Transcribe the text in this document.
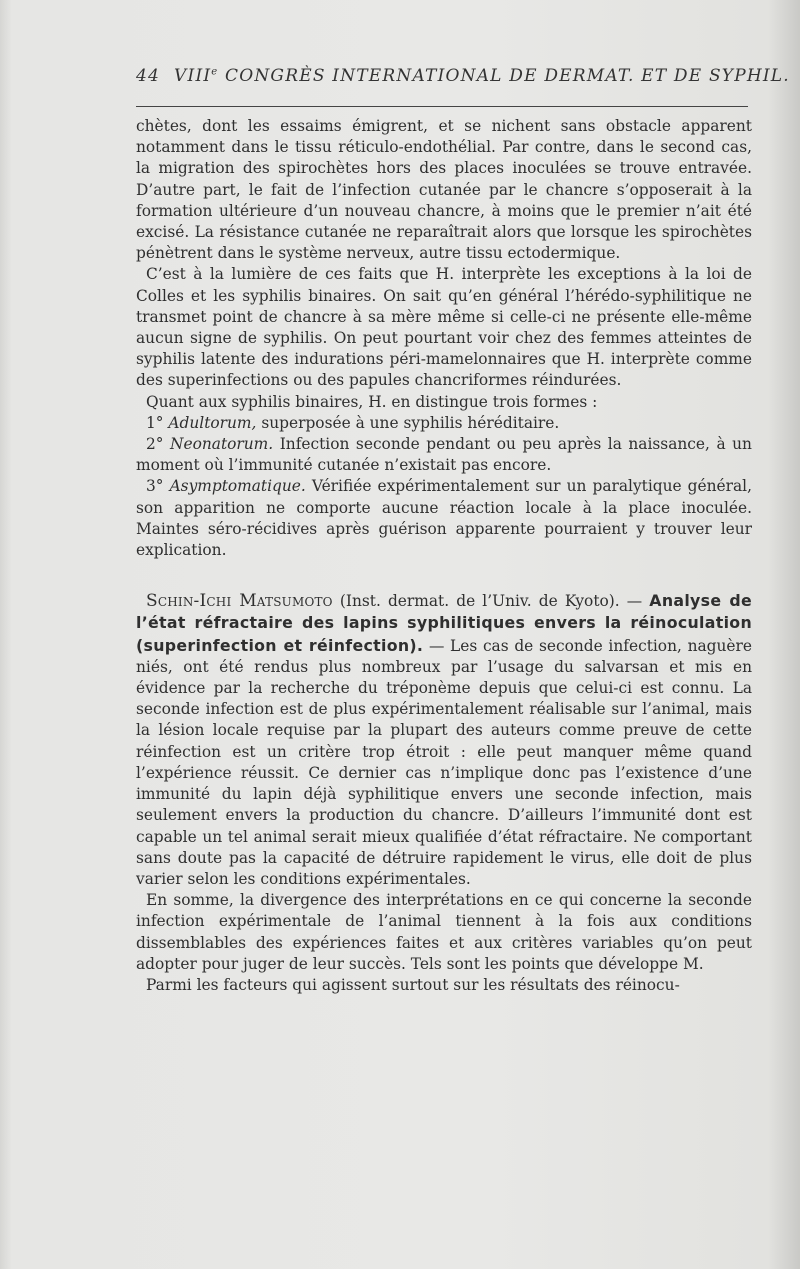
44 VIIIe CONGRÈS INTERNATIONAL DE DERMAT. ET DE SYPHIL.

chètes, dont les essaims émigrent, et se nichent sans obstacle apparent notamment dans le tissu réticulo-endothélial. Par contre, dans le second cas, la migration des spirochètes hors des places inoculées se trouve entravée. D’autre part, le fait de l’infection cutanée par le chancre s’opposerait à la formation ultérieure d’un nouveau chancre, à moins que le premier n’ait été excisé. La résistance cutanée ne reparaîtrait alors que lorsque les spirochètes pénètrent dans le système nerveux, autre tissu ectodermique.

C’est à la lumière de ces faits que H. interprète les exceptions à la loi de Colles et les syphilis binaires. On sait qu’en général l’hérédo-syphilitique ne transmet point de chancre à sa mère même si celle-ci ne présente elle-même aucun signe de syphilis. On peut pourtant voir chez des femmes atteintes de syphilis latente des indurations péri-mamelonnaires que H. interprète comme des superinfections ou des papules chancriformes réindurées.

Quant aux syphilis binaires, H. en distingue trois formes :

1° Adultorum, superposée à une syphilis héréditaire.

2° Neonatorum. Infection seconde pendant ou peu après la naissance, à un moment où l’immunité cutanée n’existait pas encore.

3° Asymptomatique. Vérifiée expérimentalement sur un paralytique général, son apparition ne comporte aucune réaction locale à la place inoculée. Maintes séro-récidives après guérison apparente pourraient y trouver leur explication.

Schin-Ichi Matsumoto (Inst. dermat. de l’Univ. de Kyoto). — Analyse de l’état réfractaire des lapins syphilitiques envers la réinoculation (superinfection et réinfection). — Les cas de seconde infection, naguère niés, ont été rendus plus nombreux par l’usage du salvarsan et mis en évidence par la recherche du tréponème depuis que celui-ci est connu. La seconde infection est de plus expérimentalement réalisable sur l’animal, mais la lésion locale requise par la plupart des auteurs comme preuve de cette réinfection est un critère trop étroit : elle peut manquer même quand l’expérience réussit. Ce dernier cas n’implique donc pas l’existence d’une immunité du lapin déjà syphilitique envers une seconde infection, mais seulement envers la production du chancre. D’ailleurs l’immunité dont est capable un tel animal serait mieux qualifiée d’état réfractaire. Ne comportant sans doute pas la capacité de détruire rapidement le virus, elle doit de plus varier selon les conditions expérimentales.

En somme, la divergence des interprétations en ce qui concerne la seconde infection expérimentale de l’animal tiennent à la fois aux conditions dissemblables des expériences faites et aux critères variables qu’on peut adopter pour juger de leur succès. Tels sont les points que développe M.

Parmi les facteurs qui agissent surtout sur les résultats des réinocu-
